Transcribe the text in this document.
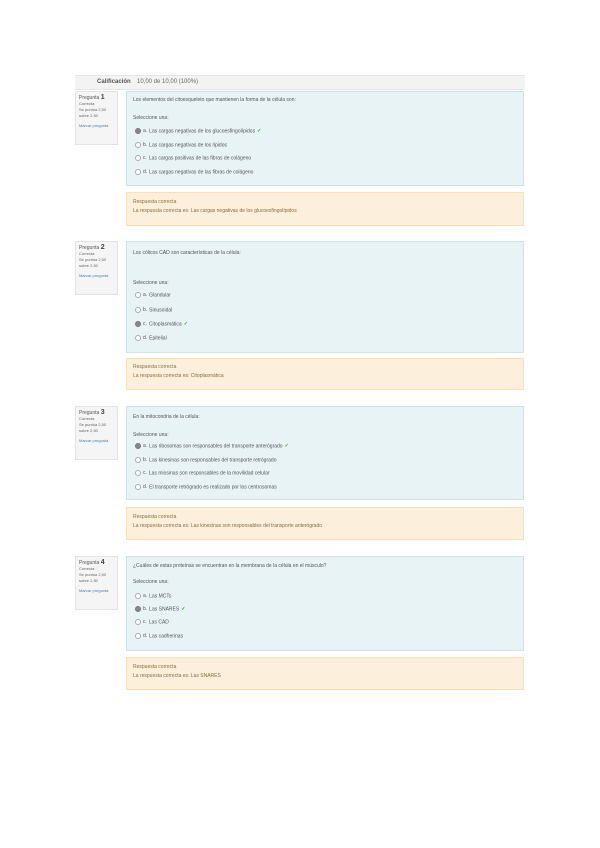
Calificación 10,00 de 10,00 (100%)
Pregunta 1
Correcta
Se puntúa 2,50 sobre 2,50
Marcar pregunta
Los elementos del citoesqueleto que mantienen la forma de la célula son:
Seleccione una:
a. Las cargas negativas de los glucoesfingolípidos ✓
b. Las cargas negativas de los lípidos
c. Las cargas positivas de las fibras de colágeno
d. Las cargas negativas de las fibras de colágeno
Respuesta correcta
La respuesta correcta es: Las cargas negativas de los glucoesfingolípidos
Pregunta 2
Correcta
Se puntúa 2,50 sobre 2,50
Marcar pregunta
Los cólicos CAD son características de la célula:
Seleccione una:
a. Glandular
b. Sinusoidal
c. Citoplasmática ✓
d. Epitelial
Respuesta correcta
La respuesta correcta es: Citoplasmática
Pregunta 3
Correcta
Se puntúa 2,50 sobre 2,50
Marcar pregunta
En la mitocondria de la célula:
Seleccione una:
a. Las ribosomas son responsables del transporte anterógrado ✓
b. Las kinesinas son responsables del transporte retrógrado
c. Las miosinas son responsables de la movilidad celular
d. El transporte retrógrado es realizado por los centrosomas
Respuesta correcta
La respuesta correcta es: Las kinesinas son responsables del transporte anterógrado
Pregunta 4
Correcta
Se puntúa 2,50 sobre 2,50
Marcar pregunta
¿Cuáles de estas proteínas se encuentran en la membrana de la célula en el músculo?
Seleccione una:
a. Las MCTs
b. Las SNARES ✓
c. Las CAD
d. Las cadherinas
Respuesta correcta
La respuesta correcta es: Las SNARES
